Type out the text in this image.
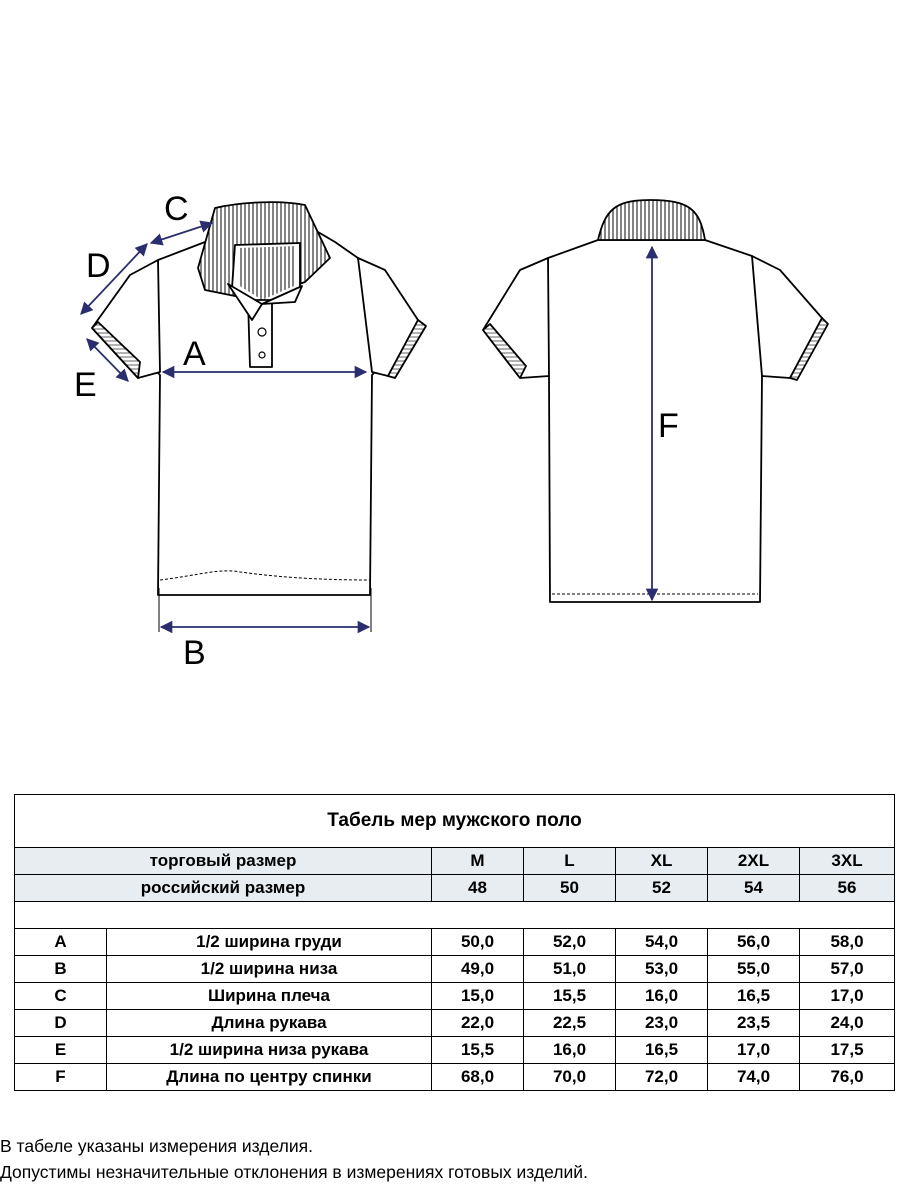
A
B
C
D
E
F
Табель мер мужского поло						
торговый размер		M	L	XL	2XL	3XL
российский размер		48	50	52	54	56

A	1/2 ширина груди	50,0	52,0	54,0	56,0	58,0
B	1/2 ширина низа	49,0	51,0	53,0	55,0	57,0
C	Ширина плеча	15,0	15,5	16,0	16,5	17,0
D	Длина рукава	22,0	22,5	23,0	23,5	24,0
E	1/2 ширина низа рукава	15,5	16,0	16,5	17,0	17,5
F	Длина по центру спинки	68,0	70,0	72,0	74,0	76,0

В табеле указаны измерения изделия.

Допустимы незначительные отклонения в измерениях готовых изделий.
